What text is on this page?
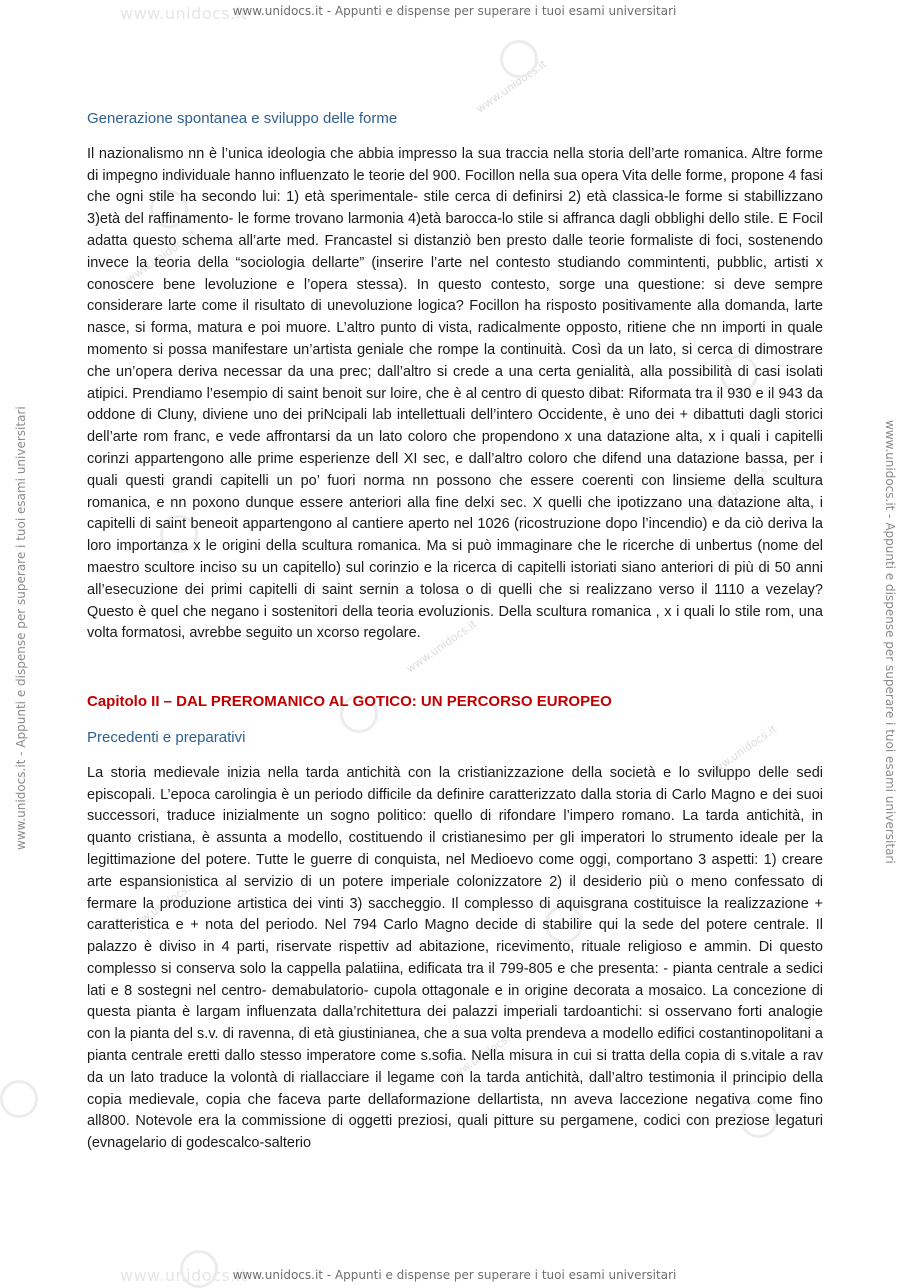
www.unidocs.it
www.unidocs.it - Appunti e dispense per superare i tuoi esami universitari
www.unidocs.it
www.unidocs.it - Appunti e dispense per superare i tuoi esami universitari
www.unidocs.it - Appunti e dispense per superare i tuoi esami universitari	www.unidocs.it - Appunti e dispense per superare i tuoi esami universitari
www.unidocs.it
www.unidocs.it
www.unidocs.it
www.unidocs.it
www.unidocs.it
www.unidocs.it
www.unidocs.it
Generazione spontanea e sviluppo delle forme

Il nazionalismo nn è l’unica ideologia che abbia impresso la sua traccia nella storia dell’arte romanica. Altre forme di impegno individuale hanno influenzato le teorie del 900. Focillon nella sua opera Vita delle forme, propone 4 fasi che ogni stile ha secondo lui: 1) età sperimentale- stile cerca di definirsi 2) età classica-le forme si stabillizzano 3)età del raffinamento- le forme trovano larmonia 4)età barocca-lo stile si affranca dagli obblighi dello stile. E Focil adatta questo schema all’arte med. Francastel si distanziò ben presto dalle teorie formaliste di foci, sostenendo invece la teoria della “sociologia dellarte” (inserire l’arte nel contesto studiando commintenti, pubblic, artisti x conoscere bene levoluzione e l’opera stessa). In questo contesto, sorge una questione: si deve sempre considerare larte come il risultato di unevoluzione logica? Focillon ha risposto positivamente alla domanda, larte nasce, si forma, matura e poi muore. L’altro punto di vista, radicalmente opposto, ritiene che nn importi in quale momento si possa manifestare un’artista geniale che rompe la continuità. Così da un lato, si cerca di dimostrare che un’opera deriva necessar da una prec; dall’altro si crede a una certa genialità, alla possibilità di casi isolati atipici. Prendiamo l’esempio di saint benoit sur loire, che è al centro di questo dibat: Riformata tra il 930 e il 943 da oddone di Cluny, diviene uno dei priNcipali lab intellettuali dell’intero Occidente, è uno dei + dibattuti dagli storici dell’arte rom franc, e vede affrontarsi da un lato coloro che propendono x una datazione alta, x i quali i capitelli corinzi appartengono alle prime esperienze dell XI sec, e dall’altro coloro che difend una datazione bassa, per i quali questi grandi capitelli un po’ fuori norma nn possono che essere coerenti con linsieme della scultura romanica, e nn poxono dunque essere anteriori alla fine delxi sec. X quelli che ipotizzano una datazione alta, i capitelli di saint beneoit appartengono al cantiere aperto nel 1026 (ricostruzione dopo l’incendio) e da ciò deriva la loro importanza x le origini della scultura romanica. Ma si può immaginare che le ricerche di unbertus (nome del maestro scultore inciso su un capitello) sul corinzio e la ricerca di capitelli istoriati siano anteriori di più di 50 anni all’esecuzione dei primi capitelli di saint sernin a tolosa o di quelli che si realizzano verso il 1110 a vezelay? Questo è quel che negano i sostenitori della teoria evoluzionis. Della scultura romanica , x i quali lo stile rom, una volta formatosi, avrebbe seguito un xcorso regolare.

Capitolo II – DAL PREROMANICO AL GOTICO: UN PERCORSO EUROPEO
Precedenti e preparativi

La storia medievale inizia nella tarda antichità con la cristianizzazione della società e lo sviluppo delle sedi episcopali. L’epoca carolingia è un periodo difficile da definire caratterizzato dalla storia di Carlo Magno e dei suoi successori, traduce inizialmente un sogno politico: quello di rifondare l’impero romano. La tarda antichità, in quanto cristiana, è assunta a modello, costituendo il cristianesimo per gli imperatori lo strumento ideale per la legittimazione del potere. Tutte le guerre di conquista, nel Medioevo come oggi, comportano 3 aspetti: 1) creare arte espansionistica al servizio di un potere imperiale colonizzatore 2) il desiderio più o meno confessato di fermare la produzione artistica dei vinti 3) saccheggio. Il complesso di aquisgrana costituisce la realizzazione + caratteristica e + nota del periodo. Nel 794 Carlo Magno decide di stabilire qui la sede del potere centrale. Il palazzo è diviso in 4 parti, riservate rispettiv ad abitazione, ricevimento, rituale religioso e ammin. Di questo complesso si conserva solo la cappella palatiina, edificata tra il 799-805 e che presenta: - pianta centrale a sedici lati e 8 sostegni nel centro- demabulatorio- cupola ottagonale e in origine decorata a mosaico. La concezione di questa pianta è largam influenzata dalla’rchitettura dei palazzi imperiali tardoantichi: si osservano forti analogie con la pianta del s.v. di ravenna, di età giustinianea, che a sua volta prendeva a modello edifici costantinopolitani a pianta centrale eretti dallo stesso imperatore come s.sofia. Nella misura in cui si tratta della copia di s.vitale a rav da un lato traduce la volontà di riallacciare il legame con la tarda antichità, dall’altro testimonia il principio della copia medievale, copia che faceva parte dellaformazione dellartista, nn aveva laccezione negativa come fino all800. Notevole era la commissione di oggetti preziosi, quali pitture su pergamene, codici con preziose legaturi (evnagelario di godescalco-salterio
